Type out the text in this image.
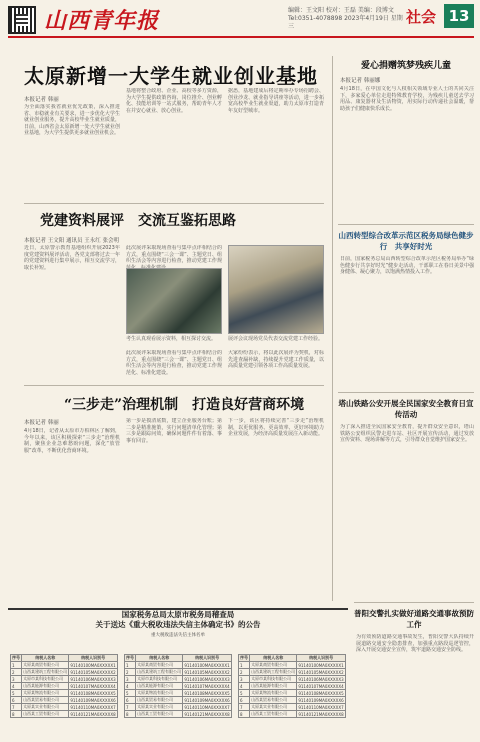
山西青年报	编辑：王文阳 校对：王磊 美编：段博文 Tel:0351-4078898 2023年4月19日 星期三
社会 13
太原新增一大学生就业创业基地
本报记者 韩丽
为全面落实我省就业优先政策，深入推进省、市稳就业有关要求，进一步优化大学生就业创业服务，提升高校毕业生就业质量，日前，山西省会太原新增一处大学生就业创业基地，为大学生提供更多就业创业机会。
基地将整合政府、企业、高校等多方资源，为大学生提供政策咨询、岗位推介、创业孵化、技能培训等一站式服务，帮助青年人才在并安心就业、放心创业。
据悉，基地建成后将定期举办专场招聘会、创业沙龙、就业指导讲座等活动，进一步拓宽高校毕业生就业渠道，助力太原市打造青年友好型城市。
党建资料展评　交流互鉴拓思路
本报记者 王文阳 通讯员 王永红 张会明
近日，太原警示教育基地组织开展2023年度党建资料展评活动，各党支部将过去一年的党建资料进行集中展示，相互交流学习，取长补短。
此次展评采取现场查看与集中点评相结合的方式，重点围绕“三会一课”、主题党日、组织生活会等内容进行检查，推动党建工作规
考生认真观看展示资料，相互探讨交流。	展评会议现场党员代表交流党建工作经验。
大家纷纷表示，将以此次展评为契机，对标先进查漏补缺，持续提升党建工作质量，以高质量党建引领各项工作高质量发展。
此次展评采取现场查看与集中点评相结合的方式，重点围绕“三会一课”、主题党日、组织生活会等内容进行检查，推动党建工作规范化、标准化建设。
“三步走”治理机制　打造良好营商环境
本报记者 韩丽
4月18日，记者从太原市万柏林区了解到，今年以来，该区积极探索“三步走”治理机制，聚焦企业急难愁盼问题，深化“放管服”改革，不断优化营商环境。
第一步是摸清底数，建立企业服务台账；第二步是精准施策，实行问题清单化管理；第三步是跟踪问效，确保问题件件有着落、事事有回音。
下一步，该区将持续完善“三步走”治理机制，以更优服务、更高效率、更好环境助力企业发展，为经济高质量发展注入新动能。
爱心捐赠筑梦残疾儿童
本报记者 韩丽娜
4月18日，在中国文化与人权相关领域专业人士的共同关注下，多家爱心单位走进特殊教育学校，为残疾儿童送去学习用品、康复器材及生活物资，用实际行动传递社会温暖，帮助孩子们健康快乐成长。
山西转型综合改革示范区税务局绿色健步行　共享好时光
日前，国家税务总局山西转型综合改革示范区税务局举办“绿色健步行共享好时光”健步走活动，干部职工在春日美景中强身健体、凝心聚力，以饱满热情投入工作。
塔山铁路公安开展全民国家安全教育日宣传活动
为了深入推进全民国家安全教育，提升群众安全意识，塔山铁路公安组织民警走进车站、社区开展宣传活动，通过发放宣传资料、现场讲解等方式，引导群众自觉维护国家安全。
普阳交警扎实做好道路交通事故预防工作
为有效预防道路交通事故发生，普阳交警大队持续开展道路交通安全隐患排查，加强重点路段巡逻管控，深入开展交通安全宣传，筑牢道路交通安全防线。
国家税务总局太原市税务局稽查局
关于送达《重大税收违法失信主体确定书》的公告
重大税收违法失信主体名单
序号	纳税人名称	纳税人识别号
1	太原某商贸有限公司	91140100MA0XXXXX1
2	山西某建筑工程有限公司	91140105MA0XXXXX2
3	太原市某科技有限公司	91140106MA0XXXXX3
4	山西某能源有限公司	91140107MA0XXXXX4
5	太原某物流有限公司	91140108MA0XXXXX5
6	山西某贸易有限公司	91140109MA0XXXXX6
7	太原某实业有限公司	91140110MA0XXXXX7
8	山西某工贸有限公司	91140121MA0XXXXX8
序号	纳税人名称	纳税人识别号
1	太原某商贸有限公司	91140100MA0XXXXX1
2	山西某建筑工程有限公司	91140105MA0XXXXX2
3	太原市某科技有限公司	91140106MA0XXXXX3
4	山西某能源有限公司	91140107MA0XXXXX4
5	太原某物流有限公司	91140108MA0XXXXX5
6	山西某贸易有限公司	91140109MA0XXXXX6
7	太原某实业有限公司	91140110MA0XXXXX7
8	山西某工贸有限公司	91140121MA0XXXXX8
序号	纳税人名称	纳税人识别号
1	太原某商贸有限公司	91140100MA0XXXXX1
2	山西某建筑工程有限公司	91140105MA0XXXXX2
3	太原市某科技有限公司	91140106MA0XXXXX3
4	山西某能源有限公司	91140107MA0XXXXX4
5	太原某物流有限公司	91140108MA0XXXXX5
6	山西某贸易有限公司	91140109MA0XXXXX6
7	太原某实业有限公司	91140110MA0XXXXX7
8	山西某工贸有限公司	91140121MA0XXXXX8
